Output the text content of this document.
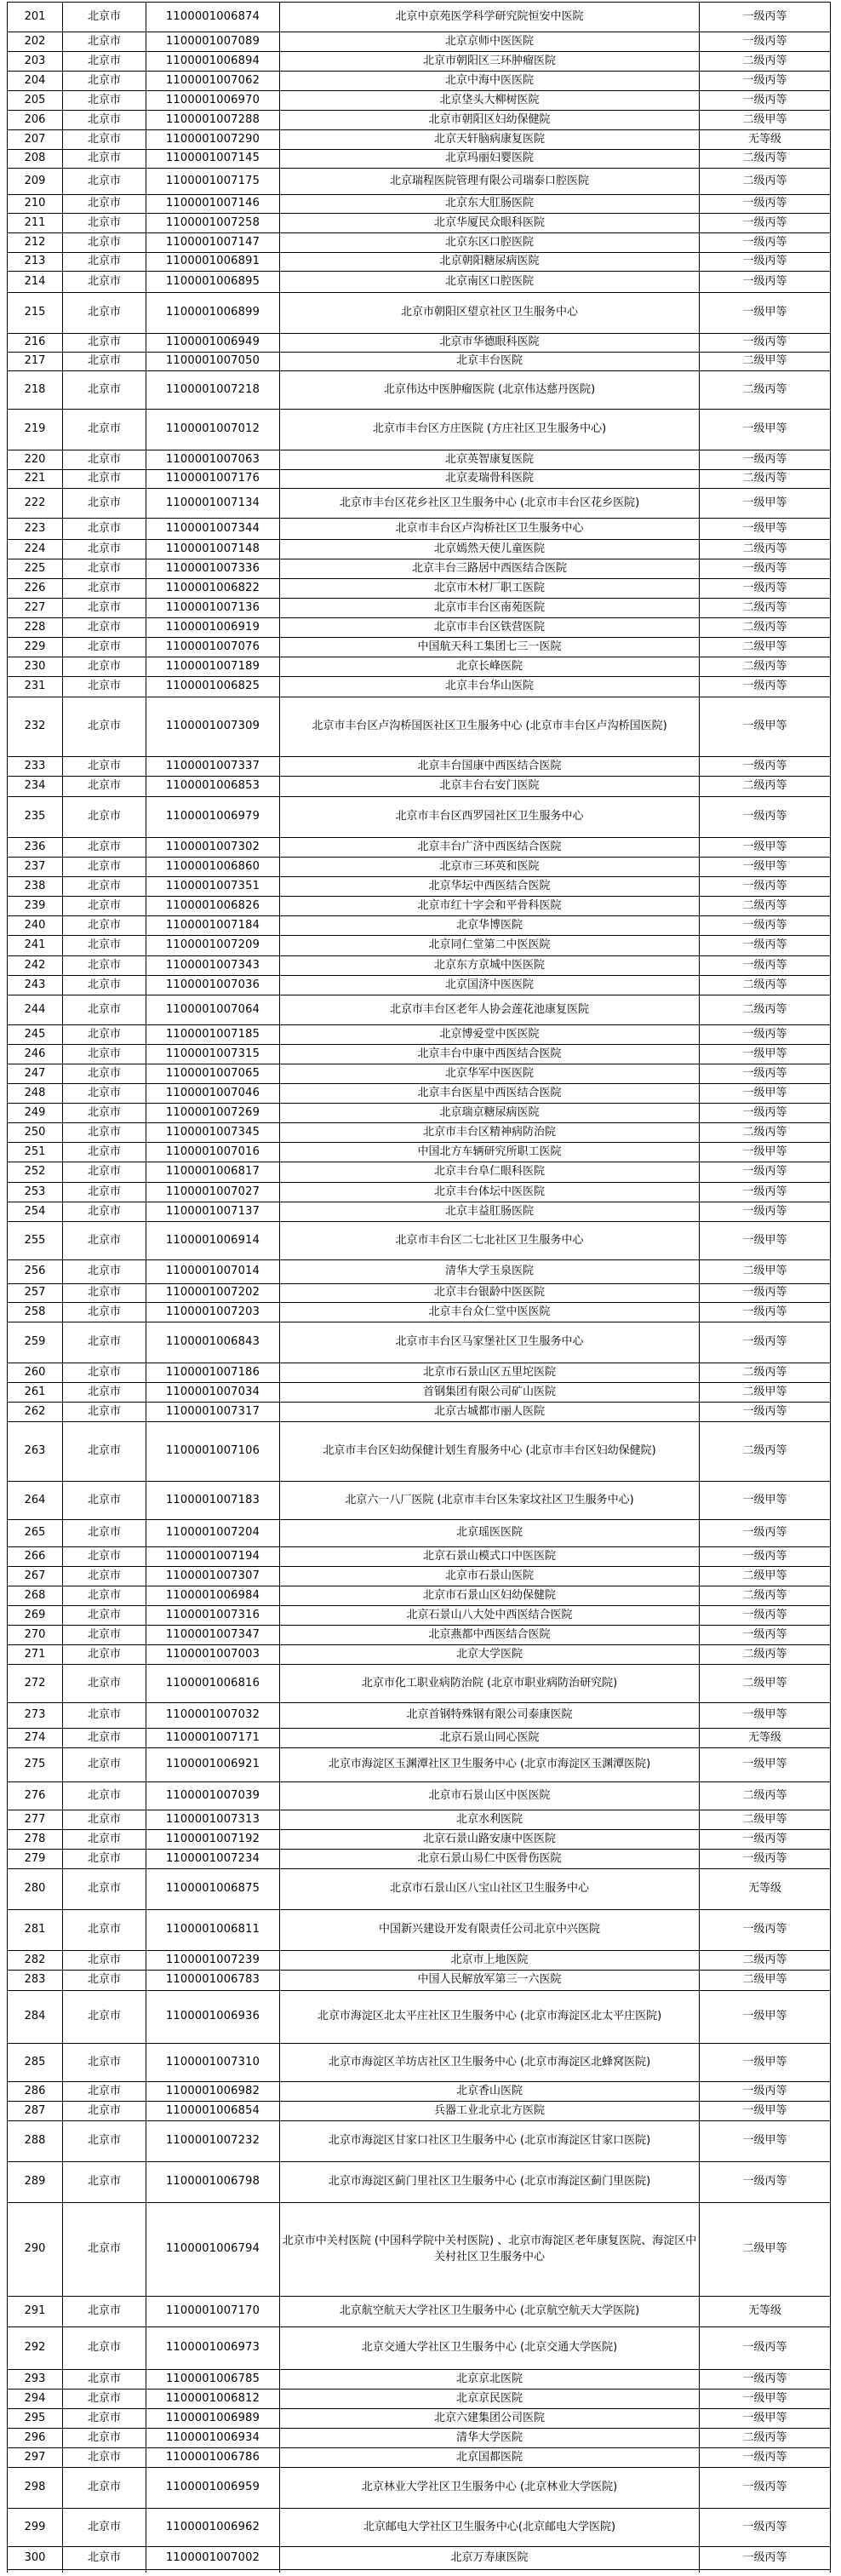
201	北京市	1100001006874	北京中京苑医学科学研究院恒安中医院	一级丙等
202	北京市	1100001007089	北京京师中医医院	一级丙等
203	北京市	1100001006894	北京市朝阳区三环肿瘤医院	二级丙等
204	北京市	1100001007062	北京中海中医医院	一级丙等
205	北京市	1100001006970	北京垡头大柳树医院	一级丙等
206	北京市	1100001007288	北京市朝阳区妇幼保健院	二级甲等
207	北京市	1100001007290	北京天轩脑病康复医院	无等级
208	北京市	1100001007145	北京玛丽妇婴医院	二级丙等
209	北京市	1100001007175	北京瑞程医院管理有限公司瑞泰口腔医院	二级丙等
210	北京市	1100001007146	北京东大肛肠医院	一级丙等
211	北京市	1100001007258	北京华厦民众眼科医院	一级丙等
212	北京市	1100001007147	北京东区口腔医院	一级丙等
213	北京市	1100001006891	北京朝阳糖尿病医院	一级丙等
214	北京市	1100001006895	北京南区口腔医院	一级丙等
215	北京市	1100001006899	北京市朝阳区望京社区卫生服务中心	一级甲等
216	北京市	1100001006949	北京市华德眼科医院	一级丙等
217	北京市	1100001007050	北京丰台医院	二级甲等
218	北京市	1100001007218	北京伟达中医肿瘤医院 (北京伟达慈丹医院)	二级丙等
219	北京市	1100001007012	北京市丰台区方庄医院 (方庄社区卫生服务中心)	一级甲等
220	北京市	1100001007063	北京英智康复医院	一级丙等
221	北京市	1100001007176	北京麦瑞骨科医院	二级丙等
222	北京市	1100001007134	北京市丰台区花乡社区卫生服务中心 (北京市丰台区花乡医院)	一级甲等
223	北京市	1100001007344	北京市丰台区卢沟桥社区卫生服务中心	一级甲等
224	北京市	1100001007148	北京嫣然天使儿童医院	二级丙等
225	北京市	1100001007336	北京丰台三路居中西医结合医院	一级丙等
226	北京市	1100001006822	北京市木材厂职工医院	一级丙等
227	北京市	1100001007136	北京市丰台区南苑医院	二级丙等
228	北京市	1100001006919	北京市丰台区铁营医院	二级丙等
229	北京市	1100001007076	中国航天科工集团七三一医院	二级甲等
230	北京市	1100001007189	北京长峰医院	二级丙等
231	北京市	1100001006825	北京丰台华山医院	一级丙等
232	北京市	1100001007309	北京市丰台区卢沟桥国医社区卫生服务中心 (北京市丰台区卢沟桥国医院)	一级甲等
233	北京市	1100001007337	北京丰台国康中西医结合医院	一级丙等
234	北京市	1100001006853	北京丰台右安门医院	二级丙等
235	北京市	1100001006979	北京市丰台区西罗园社区卫生服务中心	一级丙等
236	北京市	1100001007302	北京丰台广济中西医结合医院	一级甲等
237	北京市	1100001006860	北京市三环英和医院	一级甲等
238	北京市	1100001007351	北京华坛中西医结合医院	一级丙等
239	北京市	1100001006826	北京市红十字会和平骨科医院	二级丙等
240	北京市	1100001007184	北京华博医院	一级丙等
241	北京市	1100001007209	北京同仁堂第二中医医院	一级丙等
242	北京市	1100001007343	北京东方京城中医医院	一级丙等
243	北京市	1100001007036	北京国济中医医院	二级丙等
244	北京市	1100001007064	北京市丰台区老年人协会莲花池康复医院	二级丙等
245	北京市	1100001007185	北京博爱堂中医医院	一级丙等
246	北京市	1100001007315	北京丰台中康中西医结合医院	一级甲等
247	北京市	1100001007065	北京华军中医医院	一级丙等
248	北京市	1100001007046	北京丰台医星中西医结合医院	一级甲等
249	北京市	1100001007269	北京瑞京糖尿病医院	一级丙等
250	北京市	1100001007345	北京市丰台区精神病防治院	二级丙等
251	北京市	1100001007016	中国北方车辆研究所职工医院	一级甲等
252	北京市	1100001006817	北京丰台阜仁眼科医院	一级丙等
253	北京市	1100001007027	北京丰台体坛中医医院	一级丙等
254	北京市	1100001007137	北京丰益肛肠医院	一级丙等
255	北京市	1100001006914	北京市丰台区二七北社区卫生服务中心	一级甲等
256	北京市	1100001007014	清华大学玉泉医院	二级甲等
257	北京市	1100001007202	北京丰台银龄中医医院	一级丙等
258	北京市	1100001007203	北京丰台众仁堂中医医院	一级丙等
259	北京市	1100001006843	北京市丰台区马家堡社区卫生服务中心	一级丙等
260	北京市	1100001007186	北京市石景山区五里坨医院	二级丙等
261	北京市	1100001007034	首钢集团有限公司矿山医院	二级甲等
262	北京市	1100001007317	北京古城都市丽人医院	一级丙等
263	北京市	1100001007106	北京市丰台区妇幼保健计划生育服务中心 (北京市丰台区妇幼保健院)	二级丙等
264	北京市	1100001007183	北京六一八厂医院 (北京市丰台区朱家坟社区卫生服务中心)	一级甲等
265	北京市	1100001007204	北京瑶医医院	一级丙等
266	北京市	1100001007194	北京石景山模式口中医医院	一级丙等
267	北京市	1100001007307	北京市石景山医院	二级甲等
268	北京市	1100001006984	北京市石景山区妇幼保健院	二级丙等
269	北京市	1100001007316	北京石景山八大处中西医结合医院	一级丙等
270	北京市	1100001007347	北京燕都中西医结合医院	一级丙等
271	北京市	1100001007003	北京大学医院	二级丙等
272	北京市	1100001006816	北京市化工职业病防治院 (北京市职业病防治研究院)	二级甲等
273	北京市	1100001007032	北京首钢特殊钢有限公司泰康医院	一级甲等
274	北京市	1100001007171	北京石景山同心医院	无等级
275	北京市	1100001006921	北京市海淀区玉渊潭社区卫生服务中心 (北京市海淀区玉渊潭医院)	一级甲等
276	北京市	1100001007039	北京市石景山区中医医院	二级丙等
277	北京市	1100001007313	北京水利医院	二级甲等
278	北京市	1100001007192	北京石景山路安康中医医院	一级丙等
279	北京市	1100001007234	北京石景山易仁中医骨伤医院	一级丙等
280	北京市	1100001006875	北京市石景山区八宝山社区卫生服务中心	无等级
281	北京市	1100001006811	中国新兴建设开发有限责任公司北京中兴医院	一级丙等
282	北京市	1100001007239	北京市上地医院	二级丙等
283	北京市	1100001006783	中国人民解放军第三一六医院	二级甲等
284	北京市	1100001006936	北京市海淀区北太平庄社区卫生服务中心 (北京市海淀区北太平庄医院)	一级甲等
285	北京市	1100001007310	北京市海淀区羊坊店社区卫生服务中心 (北京市海淀区北蜂窝医院)	一级甲等
286	北京市	1100001006982	北京香山医院	一级丙等
287	北京市	1100001006854	兵器工业北京北方医院	一级甲等
288	北京市	1100001007232	北京市海淀区甘家口社区卫生服务中心 (北京市海淀区甘家口医院)	一级甲等
289	北京市	1100001006798	北京市海淀区蓟门里社区卫生服务中心 (北京市海淀区蓟门里医院)	一级丙等
290	北京市	1100001006794	北京市中关村医院 (中国科学院中关村医院) 、北京市海淀区老年康复医院、海淀区中关村社区卫生服务中心	二级甲等
291	北京市	1100001007170	北京航空航天大学社区卫生服务中心 (北京航空航天大学医院)	无等级
292	北京市	1100001006973	北京交通大学社区卫生服务中心 (北京交通大学医院)	一级丙等
293	北京市	1100001006785	北京京北医院	一级丙等
294	北京市	1100001006812	北京京民医院	一级甲等
295	北京市	1100001006989	北京六建集团公司医院	一级甲等
296	北京市	1100001006934	清华大学医院	二级丙等
297	北京市	1100001006786	北京国都医院	一级丙等
298	北京市	1100001006959	北京林业大学社区卫生服务中心 (北京林业大学医院)	一级丙等
299	北京市	1100001006962	北京邮电大学社区卫生服务中心(北京邮电大学医院)	一级丙等
300	北京市	1100001007002	北京万寿康医院	一级丙等
